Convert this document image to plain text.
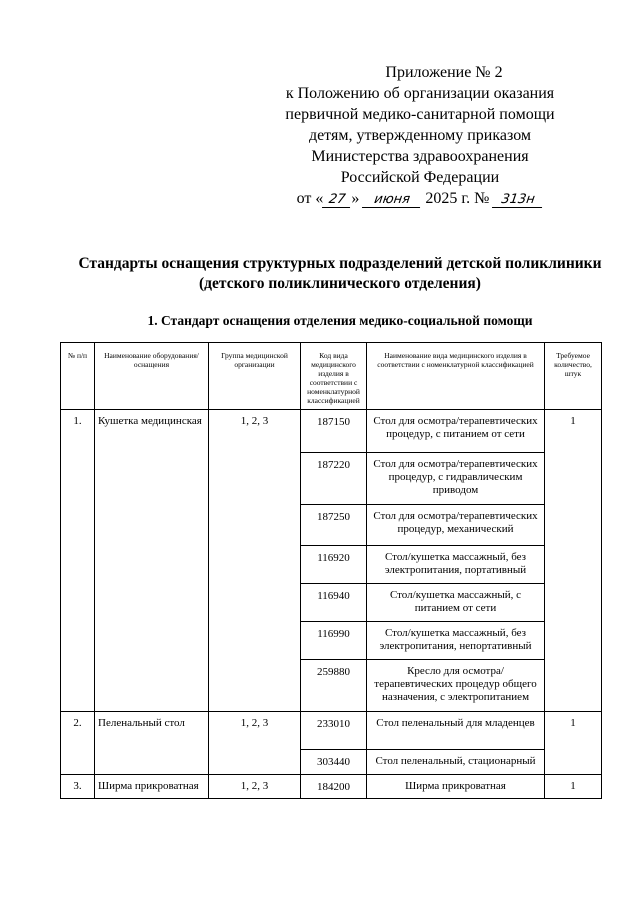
Приложение № 2
к Положению об организации оказания
первичной медико-санитарной помощи
детям, утвержденному приказом
Министерства здравоохранения
Российской Федерации
от « 27 » июня 2025 г. № 313н
Стандарты оснащения структурных подразделений детской поликлиники
(детского поликлинического отделения)
1. Стандарт оснащения отделения медико-социальной помощи
№ п/п	Наименование оборудования/ оснащения	Группа медицинской организации	Код вида медицинского изделия в соответствии с номенклатурной классификацией	Наименование вида медицинского изделия в соответствии с номенклатурной классификацией	Требуемое количество, штук
1.	Кушетка медицинская	1, 2, 3	187150	Стол для осмотра/терапевтических процедур, с питанием от сети	1
			187220	Стол для осмотра/терапевтических процедур, с гидравлическим приводом	
			187250	Стол для осмотра/терапевтических процедур, механический	
			116920	Стол/кушетка массажный, без электропитания, портативный	
			116940	Стол/кушетка массажный, с питанием от сети	
			116990	Стол/кушетка массажный, без электропитания, непортативный	
			259880	Кресло для осмотра/терапевтических процедур общего назначения, с электропитанием	
2.	Пеленальный стол	1, 2, 3	233010	Стол пеленальный для младенцев	1
			303440	Стол пеленальный, стационарный	
3.	Ширма прикроватная	1, 2, 3	184200	Ширма прикроватная	1
